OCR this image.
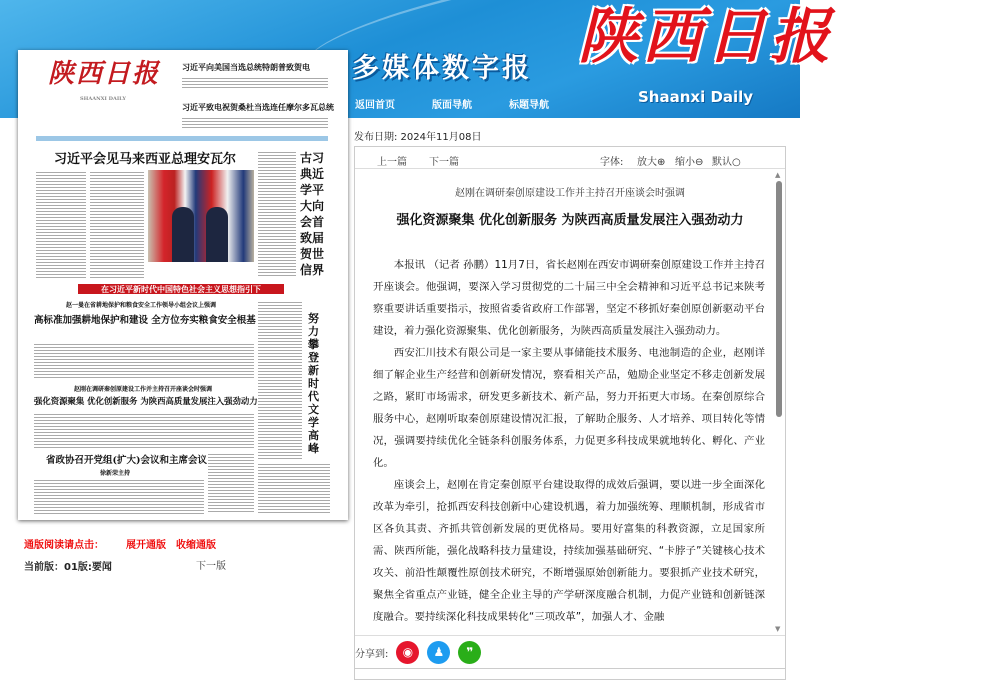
多媒体数字报 陕西日报
Shaanxi Daily
返回首页	版面导航	标题导航
陕西日报
SHAANXI DAILY
习近平向美国当选总统特朗普致贺电
习近平致电祝贺桑杜当选连任摩尔多瓦总统
习近平会见马来西亚总理安瓦尔	古习典近学平大向会首致届贺世信界
在习近平新时代中国特色社会主义思想指引下
赵一曼在省耕地保护和粮食安全工作领导小组会议上强调
高标准加强耕地保护和建设 全方位夯实粮食安全根基
赵刚在调研秦创原建设工作并主持召开座谈会时强调
强化资源聚集 优化创新服务 为陕西高质量发展注入强劲动力
省政协召开党组(扩大)会议和主席会议
徐新荣主持
努力攀登新时代文学高峰
通版阅读请点击： 展开通版 收缩通版
当前版：01版:要闻	下一版
发布日期: 2024年11月08日
上一篇 下一篇	字体: 放大⊕ 缩小⊖ 默认○
赵刚在调研秦创原建设工作并主持召开座谈会时强调
强化资源聚集 优化创新服务 为陕西高质量发展注入强劲动力

本报讯 （记者 孙鹏）11月7日，省长赵刚在西安市调研秦创原建设工作并主持召开座谈会。他强调，要深入学习贯彻党的二十届三中全会精神和习近平总书记来陕考察重要讲话重要指示，按照省委省政府工作部署，坚定不移抓好秦创原创新驱动平台建设，着力强化资源聚集、优化创新服务，为陕西高质量发展注入强劲动力。

西安汇川技术有限公司是一家主要从事储能技术服务、电池制造的企业，赵刚详细了解企业生产经营和创新研发情况，察看相关产品，勉励企业坚定不移走创新发展之路，紧盯市场需求，研发更多新技术、新产品，努力开拓更大市场。在秦创原综合服务中心，赵刚听取秦创原建设情况汇报，了解助企服务、人才培养、项目转化等情况，强调要持续优化全链条科创服务体系，力促更多科技成果就地转化、孵化、产业化。

座谈会上，赵刚在肯定秦创原平台建设取得的成效后强调，要以进一步全面深化改革为牵引，抢抓西安科技创新中心建设机遇，着力加强统筹、理顺机制，形成省市区各负其责、齐抓共管创新发展的更优格局。要用好富集的科教资源，立足国家所需、陕西所能，强化战略科技力量建设，持续加强基础研究、“卡脖子”关键核心技术攻关、前沿性颠覆性原创技术研究，不断增强原始创新能力。要狠抓产业技术研究，聚焦全省重点产业链，健全企业主导的产学研深度融合机制，力促产业链和创新链深度融合。要持续深化科技成果转化“三项改革”，加强人才、金融

▲
▼
分享到:	◉	♟	❞
